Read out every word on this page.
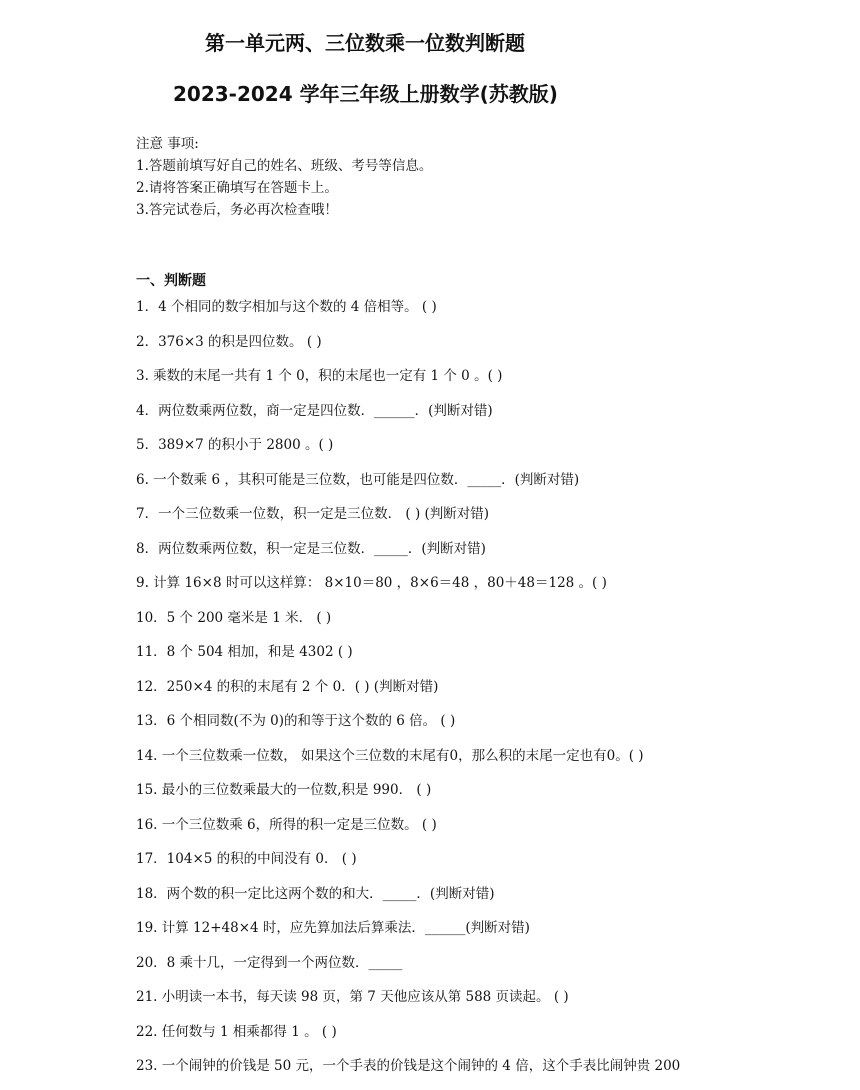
第一单元两、三位数乘一位数判断题
2023-2024 学年三年级上册数学(苏教版)
注意 事项:
1.答题前填写好自己的姓名、班级、考号等信息。
2.请将答案正确填写在答题卡上。
3.答完试卷后，务必再次检查哦！
一、判断题
1．4 个相同的数字相加与这个数的 4 倍相等。 ( )
2．376×3 的积是四位数。 ( )
3. 乘数的末尾一共有 1 个 0，积的末尾也一定有 1 个 0 。( )
4．两位数乘两位数，商一定是四位数．______．(判断对错)
5．389×7 的积小于 2800 。( )
6. 一个数乘 6 ，其积可能是三位数，也可能是四位数．_____．(判断对错)
7．一个三位数乘一位数，积一定是三位数． ( ) (判断对错)
8．两位数乘两位数，积一定是三位数．_____．(判断对错)
9. 计算 16×8 时可以这样算： 8×10＝80 ，8×6＝48 ，80＋48＝128 。( )
10．5 个 200 毫米是 1 米． ( )
11．8 个 504 相加，和是 4302 ( )
12．250×4 的积的末尾有 2 个 0．( ) (判断对错)
13．6 个相同数(不为 0)的和等于这个数的 6 倍。 ( )
14. 一个三位数乘一位数， 如果这个三位数的末尾有0，那么积的末尾一定也有0。( )
15. 最小的三位数乘最大的一位数,积是 990． ( )
16. 一个三位数乘 6，所得的积一定是三位数。 ( )
17．104×5 的积的中间没有 0． ( )
18．两个数的积一定比这两个数的和大．_____．(判断对错)
19. 计算 12+48×4 时，应先算加法后算乘法．______(判断对错)
20．8 乘十几，一定得到一个两位数．_____
21. 小明读一本书，每天读 98 页，第 7 天他应该从第 588 页读起。 ( )
22. 任何数与 1 相乘都得 1 。 ( )
23. 一个闹钟的价钱是 50 元，一个手表的价钱是这个闹钟的 4 倍，这个手表比闹钟贵 200
